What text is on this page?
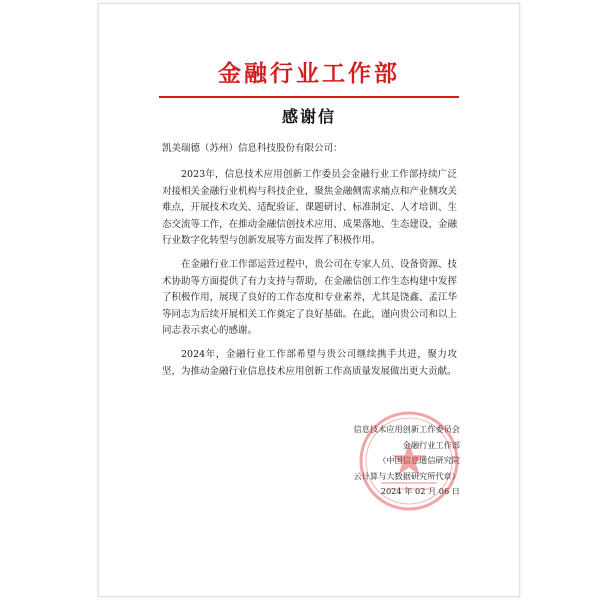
金融行业工作部
感谢信
凯美瑞德（苏州）信息科技股份有限公司：

2023年，信息技术应用创新工作委员会金融行业工作部持续广泛对接相关金融行业机构与科技企业，聚焦金融侧需求痛点和产业侧攻关难点，开展技术攻关、适配验证、课题研讨、标准制定、人才培训、生态交流等工作，在推动金融信创技术应用、成果落地、生态建设，金融行业数字化转型与创新发展等方面发挥了积极作用。

在金融行业工作部运营过程中，贵公司在专家人员、设备资源、技术协助等方面提供了有力支持与帮助，在金融信创工作生态构建中发挥了积极作用，展现了良好的工作态度和专业素养，尤其是饶鑫、孟江华等同志为后续开展相关工作奠定了良好基础。在此，谨向贵公司和以上同志表示衷心的感谢。

2024年，金融行业工作部希望与贵公司继续携手共进，聚力攻坚，为推动金融行业信息技术应用创新工作高质量发展做出更大贡献。

信息技术应用创新工作委员会
金融行业工作部
（中国信息通信研究院
云计算与大数据研究所代章）
2024 年 02 月 06 日
